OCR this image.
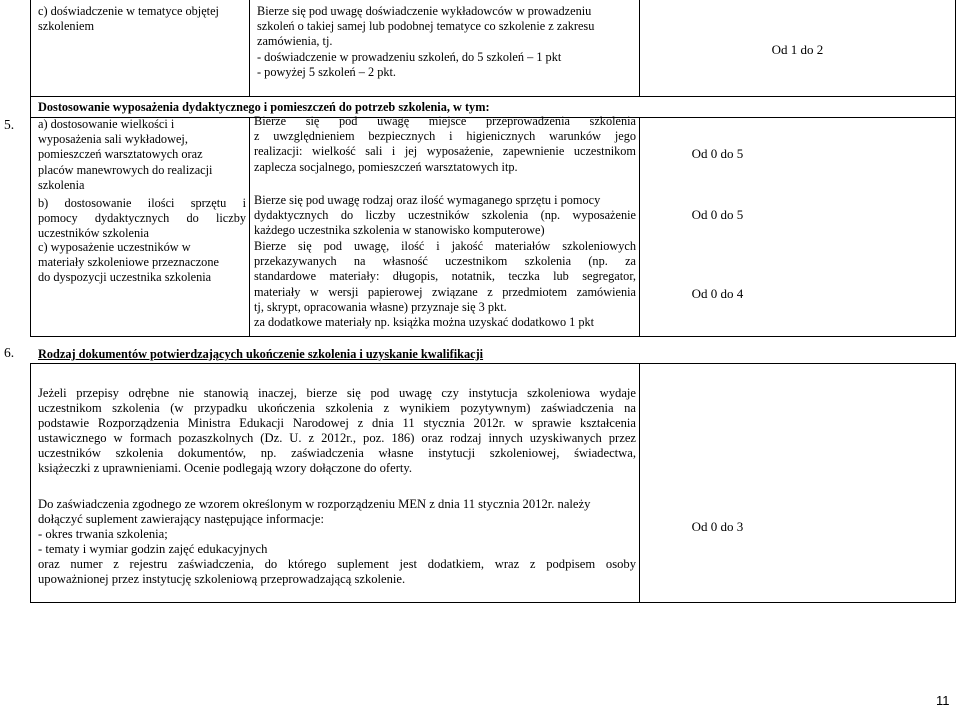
c) doświadczenie w tematyce objętej szkoleniem
Bierze się pod uwagę doświadczenie wykładowców w prowadzeniu
szkoleń o takiej samej lub podobnej tematyce co szkolenie z zakresu
zamówienia, tj.
- doświadczenie w prowadzeniu szkoleń, do 5 szkoleń – 1 pkt
- powyżej 5 szkoleń – 2 pkt.
Od 1 do 2
5.
Dostosowanie wyposażenia dydaktycznego i pomieszczeń do potrzeb szkolenia, w tym:
a) dostosowanie wielkości i
wyposażenia sali wykładowej,
pomieszczeń warsztatowych oraz
placów manewrowych do realizacji
szkolenia
b) dostosowanie ilości sprzętu i
pomocy dydaktycznych do liczby
uczestników szkolenia
c) wyposażenie uczestników w
materiały szkoleniowe przeznaczone
do dyspozycji uczestnika szkolenia
Bierze się pod uwagę miejsce przeprowadzenia szkolenia
z uwzględnieniem bezpiecznych i higienicznych warunków jego
realizacji: wielkość sali i jej wyposażenie, zapewnienie uczestnikom
zaplecza socjalnego, pomieszczeń warsztatowych itp.
Bierze się pod uwagę rodzaj oraz ilość wymaganego sprzętu i pomocy
dydaktycznych do liczby uczestników szkolenia (np. wyposażenie
każdego uczestnika szkolenia w stanowisko komputerowe)
Bierze się pod uwagę, ilość i jakość materiałów szkoleniowych
przekazywanych na własność uczestnikom szkolenia (np. za
standardowe materiały: długopis, notatnik, teczka lub segregator,
materiały w wersji papierowej związane z przedmiotem zamówienia
tj, skrypt, opracowania własne) przyznaje się 3 pkt.
za dodatkowe materiały np. książka można uzyskać dodatkowo 1 pkt
Od 0 do 5
Od 0 do 5
Od 0 do 4
6. Rodzaj dokumentów potwierdzających ukończenie szkolenia i uzyskanie kwalifikacji
Jeżeli przepisy odrębne nie stanowią inaczej, bierze się pod uwagę czy instytucja szkoleniowa wydaje
uczestnikom szkolenia (w przypadku ukończenia szkolenia z wynikiem pozytywnym) zaświadczenia na
podstawie Rozporządzenia Ministra Edukacji Narodowej z dnia 11 stycznia 2012r. w sprawie kształcenia
ustawicznego w formach pozaszkolnych (Dz. U. z 2012r., poz. 186) oraz rodzaj innych uzyskiwanych przez
uczestników szkolenia dokumentów, np. zaświadczenia własne instytucji szkoleniowej, świadectwa,
książeczki z uprawnieniami. Ocenie podlegają wzory dołączone do oferty.
Do zaświadczenia zgodnego ze wzorem określonym w rozporządzeniu MEN z dnia 11 stycznia 2012r. należy
dołączyć suplement zawierający następujące informacje:
- okres trwania szkolenia;
- tematy i wymiar godzin zajęć edukacyjnych
oraz numer z rejestru zaświadczenia, do którego suplement jest dodatkiem, wraz z podpisem osoby
upoważnionej przez instytucję szkoleniową przeprowadzającą szkolenie.
Od 0 do 3
11
